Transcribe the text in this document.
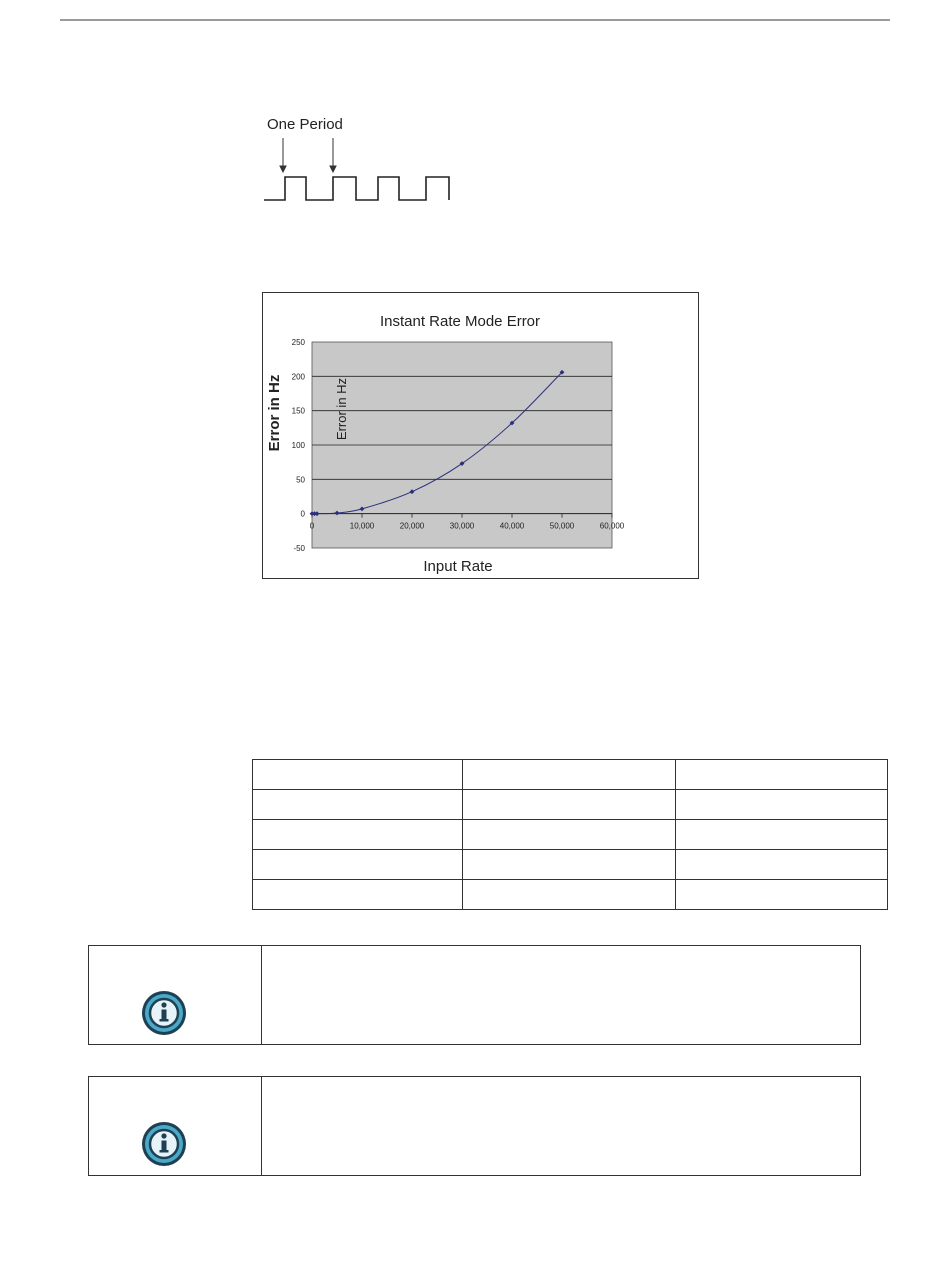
One Period
-50
0
50
100
150
200
250
0	10,000	20,000	30,000	40,000	50,000	60,000
Instant Rate Mode Error
Input Rate
Error in Hz	Error in Hz
